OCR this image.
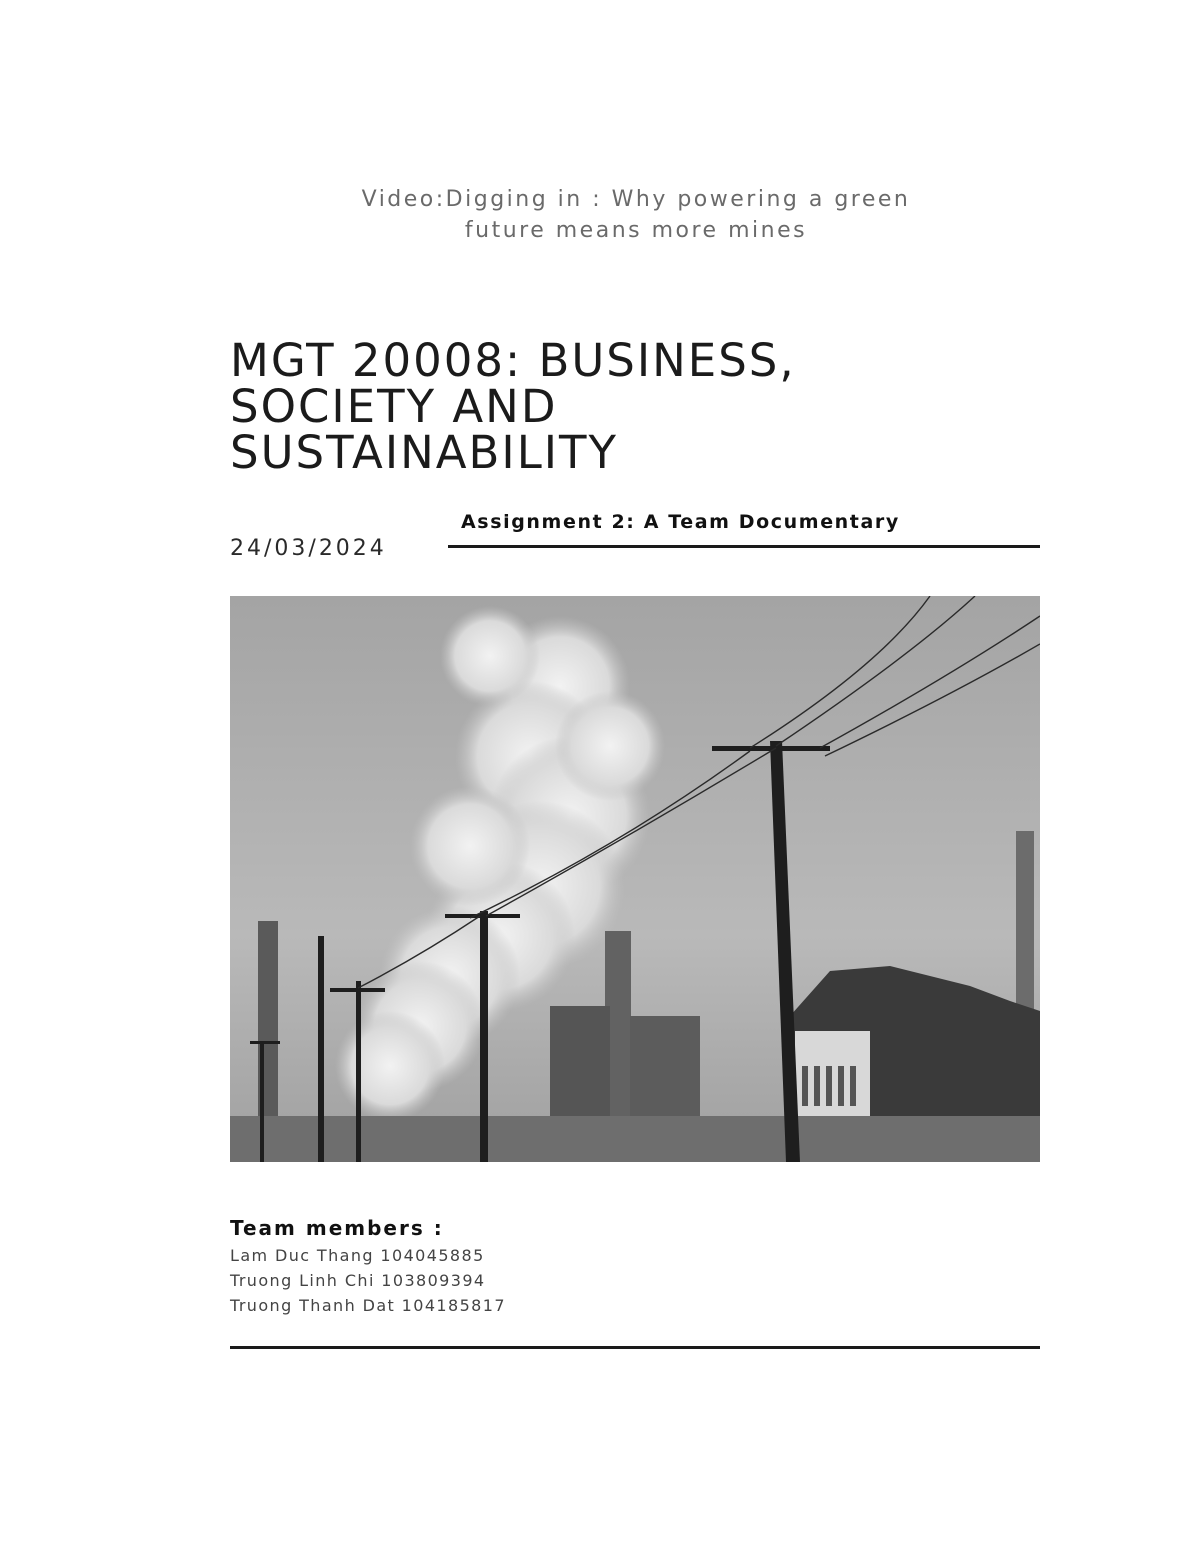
Video:Digging in : Why powering a green
future means more mines
MGT 20008: BUSINESS,
SOCIETY AND
SUSTAINABILITY
Assignment 2: A Team Documentary
24/03/2024
Team members :
Lam Duc Thang 104045885
Truong Linh Chi 103809394
Truong Thanh Dat 104185817
